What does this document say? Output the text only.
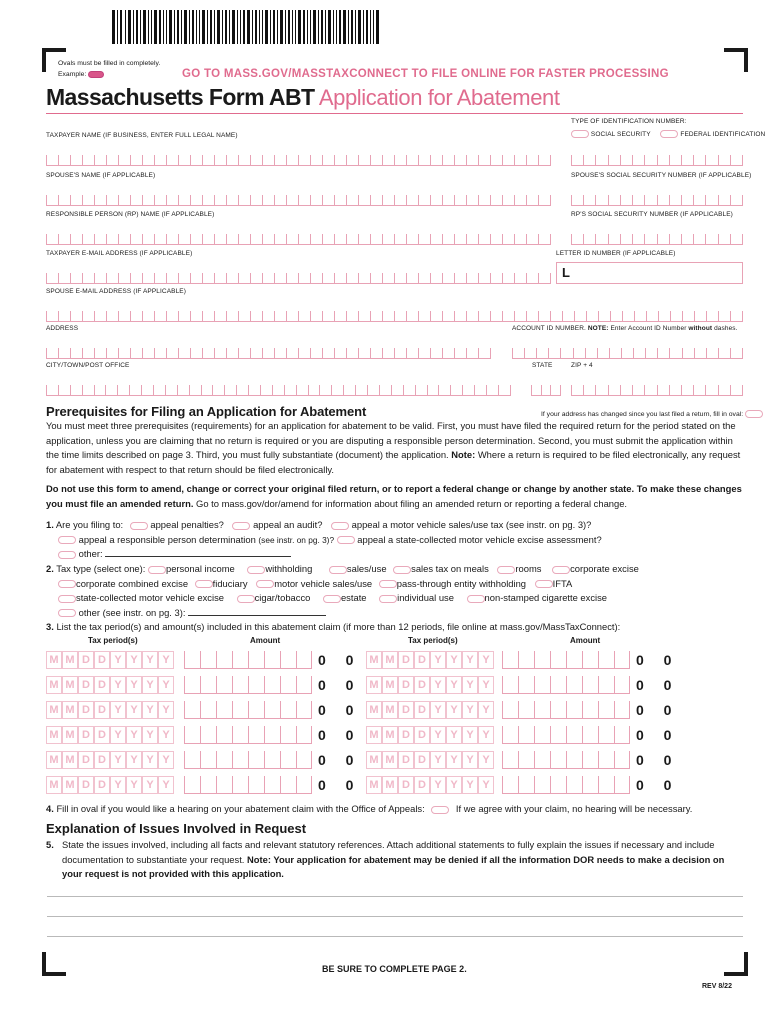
Ovals must be filled in completely.
Example:	GO TO MASS.GOV/MASSTAXCONNECT TO FILE ONLINE FOR FASTER PROCESSING
Massachusetts Form ABT Application for Abatement
TYPE OF IDENTIFICATION NUMBER:
SOCIAL SECURITY	FEDERAL IDENTIFICATION
TAXPAYER NAME (IF BUSINESS, ENTER FULL LEGAL NAME)
SPOUSE'S NAME (IF APPLICABLE)	SPOUSE'S SOCIAL SECURITY NUMBER (IF APPLICABLE)
RESPONSIBLE PERSON (RP) NAME (IF APPLICABLE)	RP'S SOCIAL SECURITY NUMBER (IF APPLICABLE)
TAXPAYER E-MAIL ADDRESS (IF APPLICABLE)	LETTER ID NUMBER (IF APPLICABLE)
L
SPOUSE E-MAIL ADDRESS (IF APPLICABLE)
ADDRESS	ACCOUNT ID NUMBER. NOTE: Enter Account ID Number without dashes.
CITY/TOWN/POST OFFICE	STATE	ZIP + 4
Prerequisites for Filing an Application for Abatement	If your address has changed since you last filed a return, fill in oval:
You must meet three prerequisites (requirements) for an application for abatement to be valid. First, you must have filed the required return for the period stated on the application, unless you are claiming that no return is required or you are disputing a responsible person determination. Second, you must submit the application within the time limits described on page 3. Third, you must fully substantiate (document) the application. Note: Where a return is required to be filed electronically, any request for abatement with respect to that return should be filed electronically.
Do not use this form to amend, change or correct your original filed return, or to report a federal change or change by another state. To make these changes you must file an amended return. Go to mass.gov/dor/amend for information about filing an amended return or reporting a federal change.
1. Are you filing to:	appeal penalties?	appeal an audit?	appeal a motor vehicle sales/use tax (see instr. on pg. 3)?
appeal a responsible person determination (see instr. on pg. 3)? appeal a state-collected motor vehicle excise assessment?
other:
2. Tax type (select one): personal income	withholding	sales/use	sales tax on meals	rooms	corporate excise
corporate combined excise	fiduciary	motor vehicle sales/use	pass-through entity withholding	IFTA
state-collected motor vehicle excise	cigar/tobacco	estate	individual use	non-stamped cigarette excise
other (see instr. on pg. 3):
3. List the tax period(s) and amount(s) included in this abatement claim (if more than 12 periods, file online at mass.gov/MassTaxConnect):
Tax period(s)	Amount	Tax period(s)	Amount
M M D D Y Y Y Y	0 0 M M D D Y Y Y Y	0 0
M M D D Y Y Y Y	0 0 M M D D Y Y Y Y	0 0
M M D D Y Y Y Y	0 0 M M D D Y Y Y Y	0 0
M M D D Y Y Y Y	0 0 M M D D Y Y Y Y	0 0
M M D D Y Y Y Y	0 0 M M D D Y Y Y Y	0 0
M M D D Y Y Y Y	0 0 M M D D Y Y Y Y	0 0
4. Fill in oval if you would like a hearing on your abatement claim with the Office of Appeals:	If we agree with your claim, no hearing will be necessary.
Explanation of Issues Involved in Request
5. State the issues involved, including all facts and relevant statutory references. Attach additional statements to fully explain the issues if necessary and include documentation to substantiate your request. Note: Your application for abatement may be denied if all the information DOR needs to make a decision on your request is not provided with this application.
BE SURE TO COMPLETE PAGE 2.
REV 8/22
